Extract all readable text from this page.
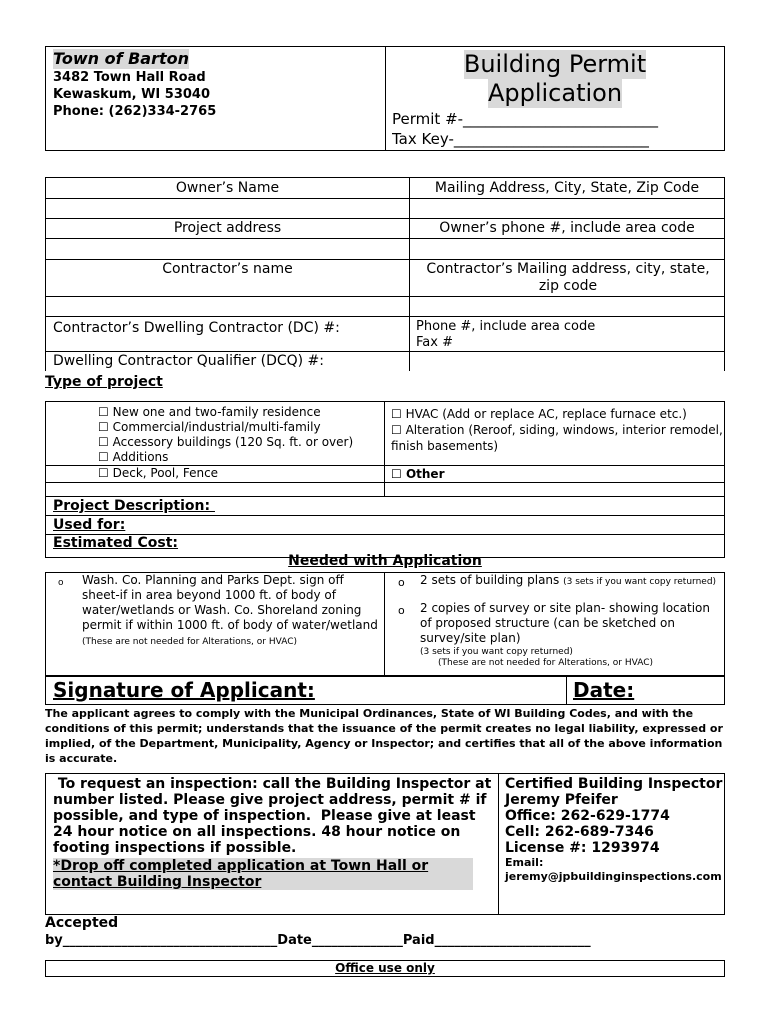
Town of Barton
3482 Town Hall Road
Kewaskum, WI 53040
Phone: (262)334-2765
Building Permit
Application
Permit #-__________________________
Tax Key-__________________________
Owner’s Name	Mailing Address, City, State, Zip Code
Project address	Owner’s phone #, include area code
Contractor’s name	Contractor’s Mailing address, city, state, zip code
Contractor’s Dwelling Contractor (DC) #:	Phone #, include area code
Fax #
Dwelling Contractor Qualifier (DCQ) #:
Type of project
☐ New one and two-family residence
☐ Commercial/industrial/multi-family
☐ Accessory buildings (120 Sq. ft. or over)
☐ Additions
☐ Deck, Pool, Fence
☐ HVAC (Add or replace AC, replace furnace etc.)
☐ Alteration (Reroof, siding, windows, interior remodel, finish basements)
☐ Other
Project Description:
Used for:
Estimated Cost:
Needed with Application
o Wash. Co. Planning and Parks Dept. sign off sheet-if in area beyond 1000 ft. of body of water/wetlands or Wash. Co. Shoreland zoning permit if within 1000 ft. of body of water/wetland (These are not needed for Alterations, or HVAC)
o 2 sets of building plans (3 sets if you want copy returned)
o 2 copies of survey or site plan- showing location of proposed structure (can be sketched on survey/site plan)
(3 sets if you want copy returned)
(These are not needed for Alterations, or HVAC)
Signature of Applicant:	Date:
The applicant agrees to comply with the Municipal Ordinances, State of WI Building Codes, and with the conditions of this permit; understands that the issuance of the permit creates no legal liability, expressed or implied, of the Department, Municipality, Agency or Inspector; and certifies that all of the above information is accurate.
To request an inspection: call the Building Inspector at number listed. Please give project address, permit # if possible, and type of inspection.  Please give at least 24 hour notice on all inspections. 48 hour notice on footing inspections if possible.
*Drop off completed application at Town Hall or contact Building Inspector
Certified Building Inspector
Jeremy Pfeifer
Office: 262-629-1774
Cell: 262-689-7346
License #: 1293974
Email:
jeremy@jpbuildinginspections.com
Accepted
by_________________________________Date______________Paid________________________
Office use only
